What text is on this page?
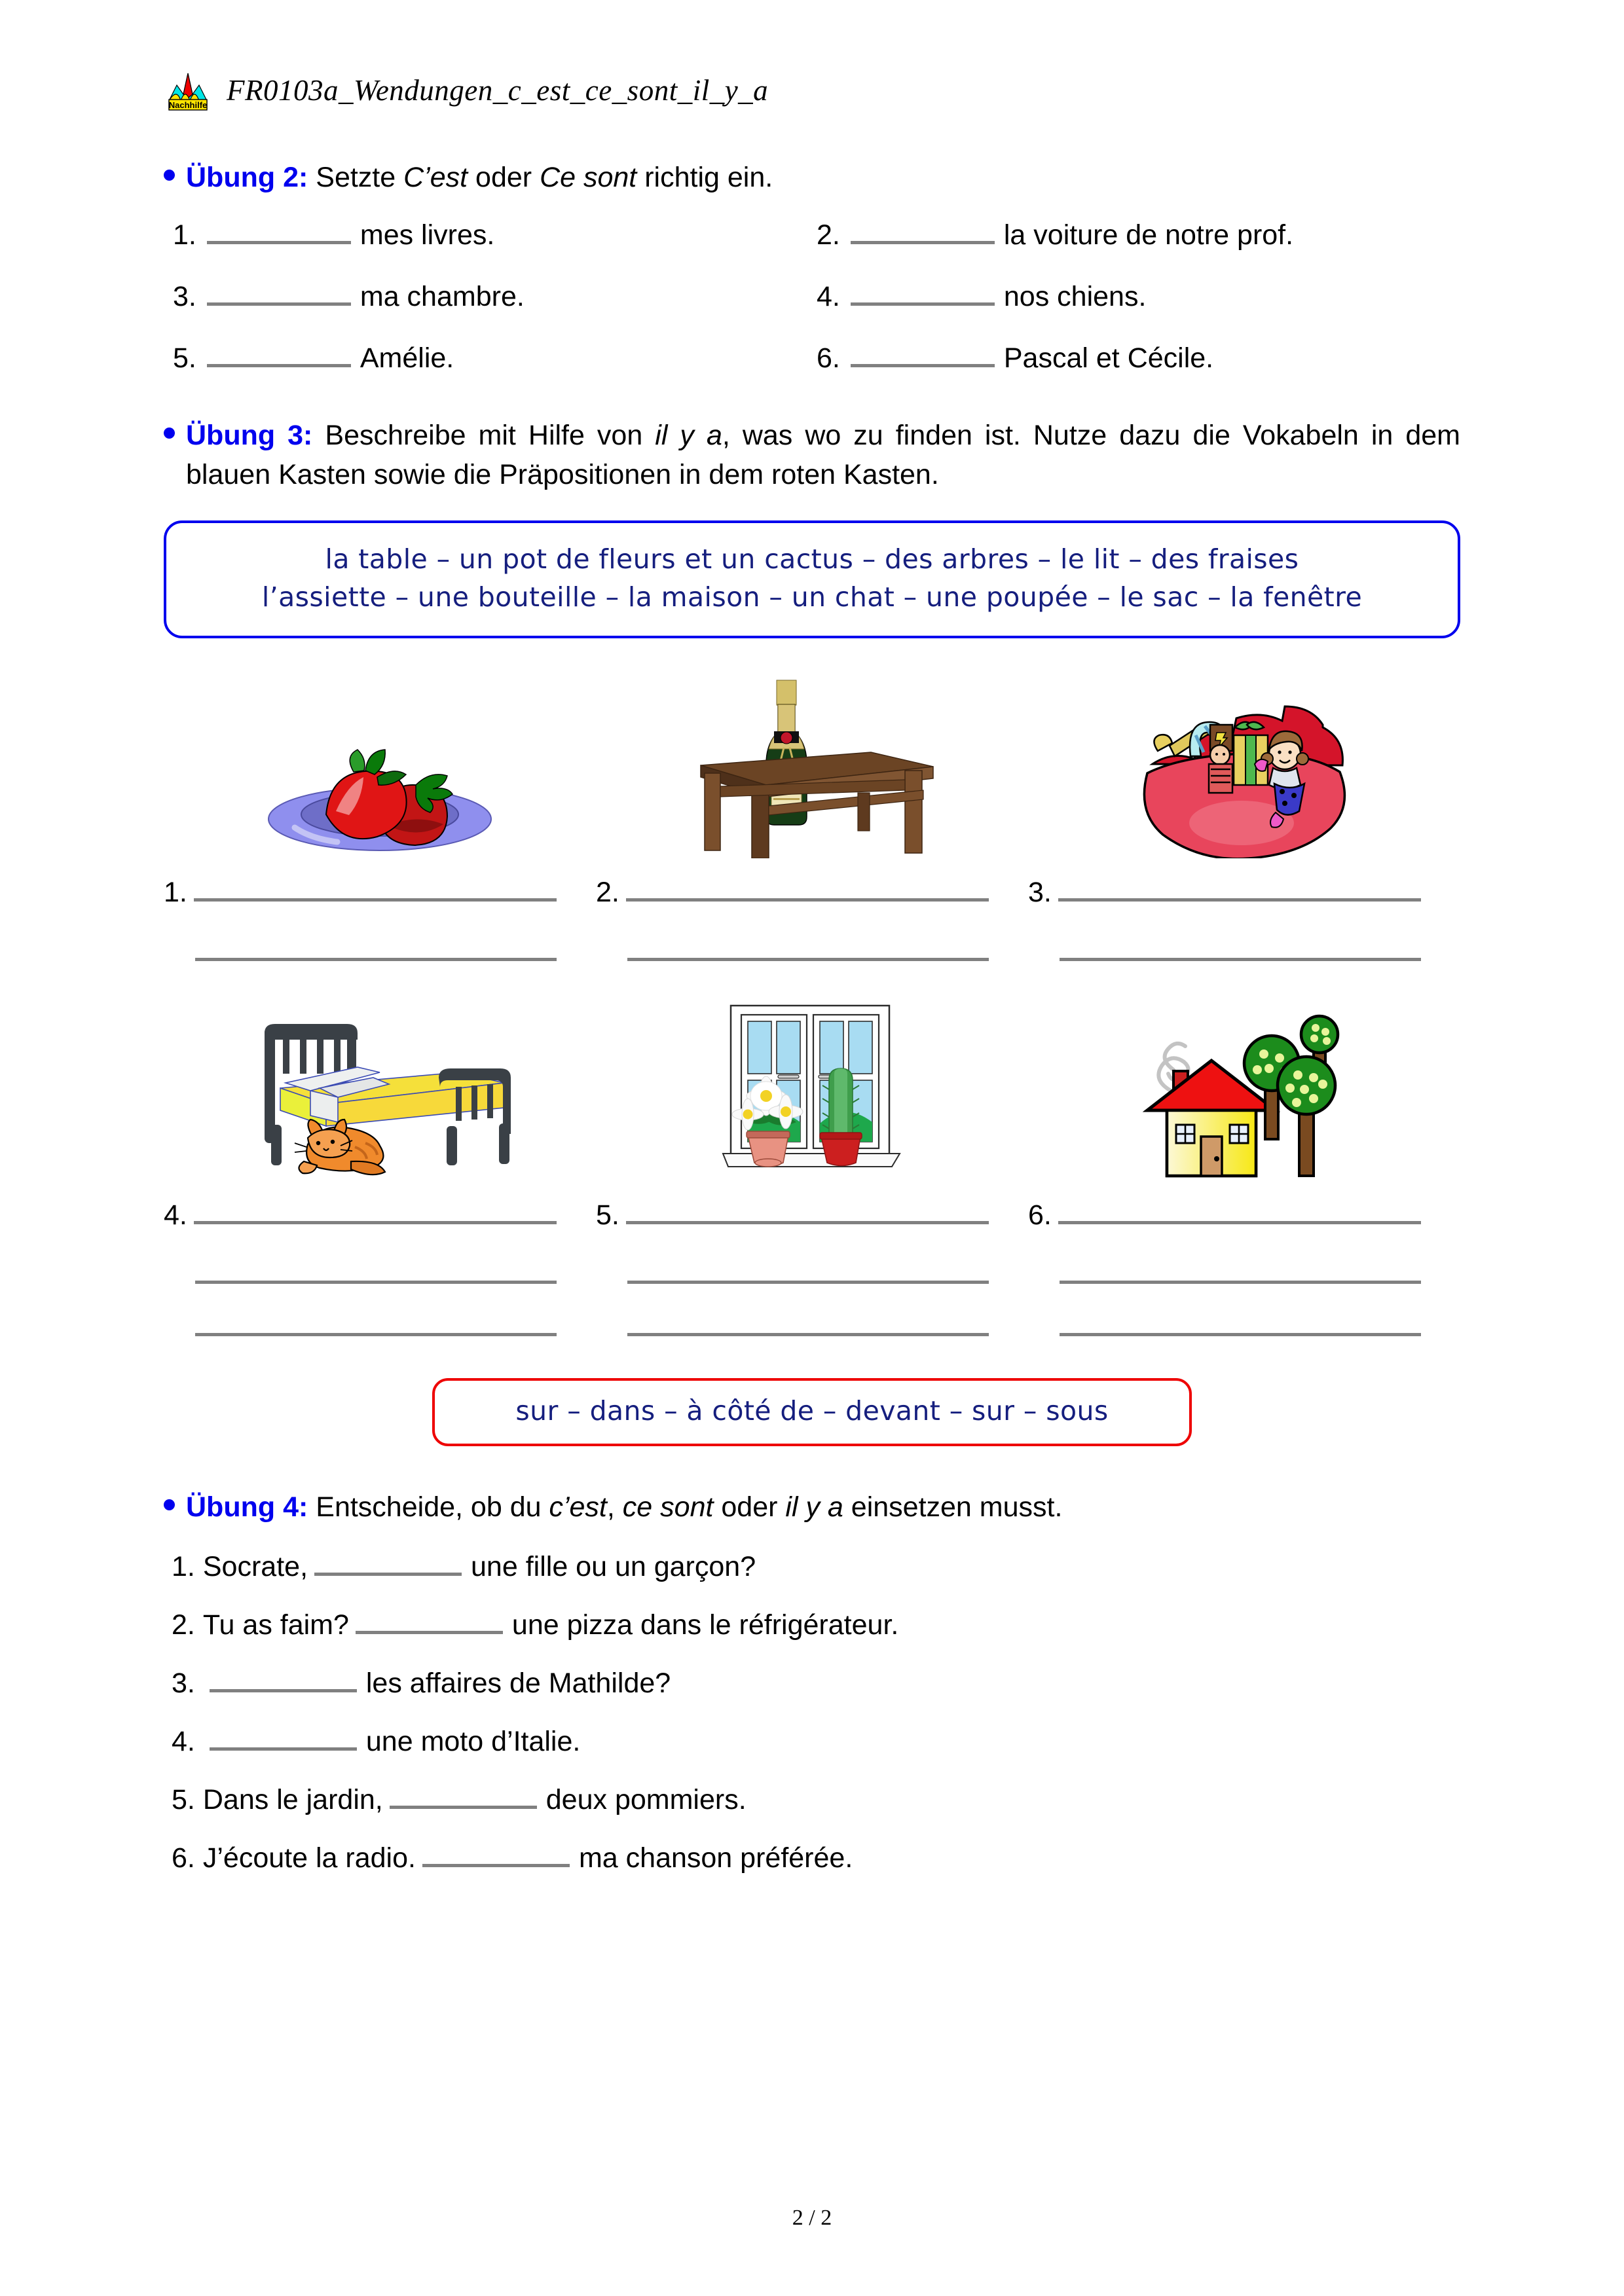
Nachhilfe FR0103a_Wendungen_c_est_ce_sont_il_y_a
Übung 2: Setzte C’est oder Ce sont richtig ein.
1.	mes livres.	2.	la voiture de notre prof.
3.	ma chambre.	4.	nos chiens.
5.	Amélie.	6.	Pascal et Cécile.
Übung 3: Beschreibe mit Hilfe von il y a, was wo zu finden ist. Nutze dazu die Vokabeln in dem blauen Kasten sowie die Präpositionen in dem roten Kasten.
la table – un pot de fleurs et un cactus – des arbres – le lit – des fraises
l’assiette – une bouteille – la maison – un chat – une poupée – le sac – la fenêtre
1.	2.	3.
4.	5.	6.
sur – dans – à côté de – devant – sur – sous
Übung 4: Entscheide, ob du c’est, ce sont oder il y a einsetzen musst.
1. Socrate,	une fille ou un garçon?
2. Tu as faim?	une pizza dans le réfrigérateur.
3.	les affaires de Mathilde?
4.	une moto d’Italie.
5. Dans le jardin,	deux pommiers.
6. J’écoute la radio.	ma chanson préférée.
2 / 2
